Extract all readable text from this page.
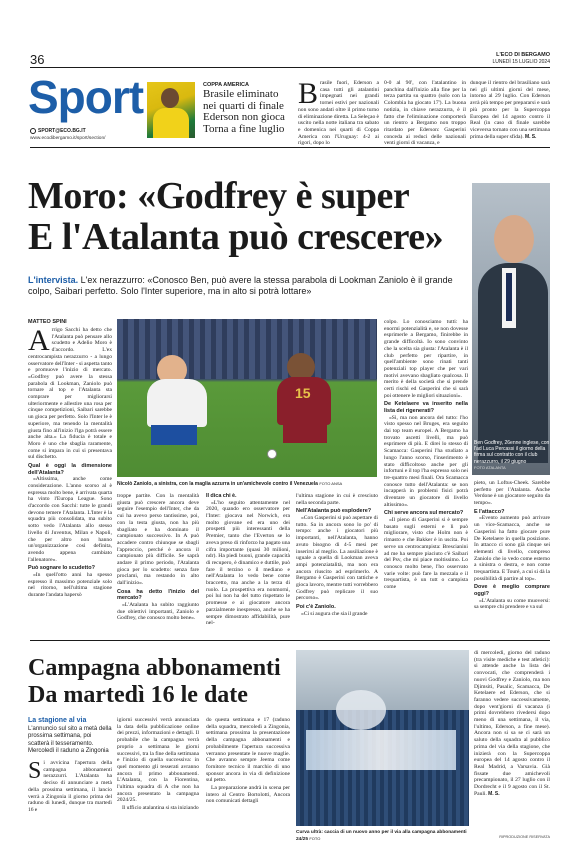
36	L'ECO DI BERGAMO
LUNEDÌ 15 LUGLIO 2024
Sport
SPORT@ECO.BG.IT
www.ecodibergamo.it/sport/section/
COPPA AMERICA
Brasile eliminato nei quarti di finale Ederson non gioca Torna a fine luglio
Brasile fuori, Ederson a casa tutti gli atalantini impegnati nei grandi tornei estivi per nazionali non sono andati oltre il primo turno di eliminazione diretta. La Seleçao è uscito nella notte italiana tra sabato e domenica nei quarti di Coppa America con l'Uruguay: 4-2 ai rigori, dopo lo
0-0 al 90', con l'atalantino in panchina dall'inizio alla fine per la terza partita su quattro (solo con la Colombia ha giocato 17'). La buona notizia, in chiave nerazzurra, è il fatto che l'eliminazione comporterà un rientro a Bergamo non troppo ritardato per Ederson: Gasperini conceda ai reduci delle nazionali venti giorni di vacanza, e
dunque il rientro del brasiliano sarà nei gli ultimi giorni del mese, intorno al 29 luglio. Con Ederson avrà più tempo per prepararsi e sarà più pronto per la Supercoppa Europea del 14 agosto contro il Real (in caso di finale sarebbe viceversa tornato con una settimana prima della super sfida). M. S.
Moro: «Godfrey è super
E l'Atalanta può crescere»
L'intervista. L'ex nerazzurro: «Conosco Ben, può avere la stessa parabola di Lookman Zaniolo è il grande colpo, Saibari perfetto. Solo l'Inter superiore, ma in alto si potrà lottare»
Ben Godfrey, 26enne inglese, con l'ad Luca Percassi il giorno della firma sul contratto con il club nerazzurro, il 29 giugno
FOTO ATALANTA
MATTEO SPINI

Arrigo Sacchi ha detto che l'Atalanta può pensare allo scudetto e Adelio Moro è d'accordo. L'ex centrocampista nerazzurro - a lungo osservatore dell'Inter - si aspetta tanto e promuove l'inizio di mercato. «Godfrey può avere la stessa parabola di Lookman, Zaniolo può tornare al top e l'Atalanta sta comprare per migliorarsi ulteriormente e allestire una rosa per cinque competizioni, Saibari sarebbe un gioca per perfetto. Solo l'Inter le è superiore, ma tenendo la mentalità giusta fino all'inizio l'lga potrà essere anche alta.» La fiducia è totale e Moro è uno che sbaglia raramente, come si impara in cui si presentava sul dischetto.

Qual è oggi la dimensione dell'Atalanta?

«Altissima, anche come considerazione. L'anno scorso al è espressa molto bene, è arrivata quarta ha vinto l'Europa League. Sono d'accordo con Sacchi: tutte le grandi devono temere l'Atalanta. L'Inter è la squadra più consolidata, ma subito sotto vedo l'Atalanta allo stesso livello di Juventus, Milan e Napoli, che per altro non hanno un'organizzazione così definita, avendo appena cambiato l'allenatore».

Può sognare lo scudetto?

«In quell'otto anni ha spesso espresso il massimo potenziale solo nel ritorno, nell'ultima stagione durante l'andata hapersò

15
Nicolò Zaniolo, a sinistra, con la maglia azzurra in un'amichevole contro il Venezuela FOTO ANSA

troppe partite. Con la mentalità giusta può crescere ancora deve seguire l'esempio dell'Inter, che da cui ha avevo perso tantissime, poi, con la testa giusta, non ha più sbagliato e ha dominato il campionato successivo. In A può accadere contro chiunque se sbagli l'approccio, perché è ancora il campionato più difficile. Se saprà andare il primo periodo, l'Atalanta gioca per lo scudetto: senza fare proclami, ma restando in alto dall'inizio».

Cosa ha detto l'inizio del mercato?

«L'Atalanta ha subito raggiunto due obiettivi importanti, Zaniolo e Godfrey, che conosco molto bene».

Il dica chi è.

«L'ho seguito attentamente nel 2020, quando ero osservatore per l'Inter: giocava nel Norwich, era molto giovane ed era uno dei prospetti più interessanti della Premier, tanto che l'Everton se lo aveva preso di rinforzo ha pagato una cifra importante (quasi 30 milioni, ndr). Ha piedi buoni, grande capacità di recupero, è dinamico e duttile, può fare il terzino o il mediano e nell'Atalanta lo vedo bene come braccetto, ma anche a la terza di ruolo. La prospettiva era nonmorni, poi lui non ha del tutto rispettato le promesse e ai giocatore ancora parzialmente inespresso, anche se ha sempre dimostrato affidabilità, pure nel-

l'ultima stagione in cui è cresciuto nella seconda parte.

Nell'Atalanta può esplodere?

«Con Gasperini si può aspettare di tutto. Sa in ancora sono lo po' di tempo: anche i giocatori più importanti, nell'Atalanta, hanno avuto bisogno di 4-5 mesi per inserirsi al meglio. La ausiliazione è uguale a quella di Lookman aveva ampi potenziatalità, ma non era ancora riuscito ad esprimerlo. A Bergamo è Gasperini con tattiche e gioca lavoro, mentre tutti vorrebbero Godfrey può replicare il suo percorso».

Poi c'è Zaniolo.

«Ci si augura che sia il grande

colpo. Lo conosciamo tutti: ha enormi potenzialità e, se non dovesse esprimerle a Bergamo, finirebbe in grande difficoltà. Io sono convinto che la scelta sia giusta: l'Atalanta è il club perfetto per ripartire, in quell'ambiente sono rinati tanti potenziali top player che per vari motivi avevano sbagliato qualcosa. Il merito è della società che si prende certi rischi ed Gasperini che si sarà poi ottenere le migliori situazioni».

De Ketelaere va inserito nella lista dei rigenerati?

«Sì, ma non ancora del tutto: l'ho visto spesso nel Bruges, era seguito dai top team europei. A Bergamo ha trovato ascetti livelli, ma può esprimere di più. E direi lo stesso di Scamacca: Gasperini l'ha studiato a lungo l'anno scorso, l'inserimento è stato difficoltoso anche per gli infortuni e il top l'ha espresso solo nei tre-quattro mesi finali. Ora Scamacca conosce tutto dell'Atalanta: se non incapperà in problemi fisici potrà diventare un giocatore di livello altissimo».

Chi serve ancora sul mercato?

«Il pieno di Gasperini si è sempre basato sugli esterni e li può migliorare, visto che Holm non è rimasto e che Bakker è in uscita. Poi serve un centrocampista: Brescianini ad me ha sempre piaciuto c'è Saibari del Psv, che mi piace moltissimo. Lo conosco molto bene, l'ho osservato varie volte: può fare la mezzala e il trequartista, è un tutt o campista come

pieto, un Loftus-Cheek. Sarebbe perfetto per l'Atalanta. Anche Verdone è un giocatore seguito da tempo».

E l'attacco?

«Evento aumento può arrivare un vice-Scamacca, anche se Gasperini ha fatto giocare pure De Ketelaere in quella posizione. In attacco ci sono già cinque sei elementi di livello, compreso Zaniolo che io vedo come esterno a sinistra o destra, e non come trequartista. E Touré, a cui si dà la possibilità di partire al top».

Dove è meglio comprare oggi?

«L'Atalanta su come muoversi: sa sempre chi prendere e va sul

Campagna abbonamenti
Da martedì 16 le date
La stagione al via
L'annuncio sul sito a metà della prossima settimana, poi scatterà il tesseramento. Mercoledì il raduno a Zingonia
Si avvicina l'apertura della campagna abbonamenti nerazzurri. L'Atalanta ha deciso di annunciare a metà della prossima settimana, il lancio verrà a Zingonia il giorno prima del raduno di lunedì, dunque tra martedì 16 e

igiorni successivi verrà annunciata la data della pubblicazione online dei prezzi, informazioni e dettagli. Il probabile che la campagna verrà proprio a settimana le giorni successivi, tra la fine della settimana e l'inizio di quella successiva: in quel momento gli tesserati avranno ancora il primo abbonamenti. L'Atalanta, con la Fiorentina, l'ultima squadra di A che non ha ancora presentato la campagna 2024/25.

Il ufficio atalantina si sta iniziando

do questa settimana e 17 (raduno della squadra, mercoledì a Zingonia, settimana prossima la presentazione della campagna abbonamenti e probabilmente l'apertura successiva verranno presentate le nuove maglie. Che avranno sempre Jeema come fornitore tecnico il marchio di uno sponsor ancora in via di definizione sul petto.

La preparazione andrà in scena per intero al Centro Bortolotti, Ancora non comunicati dettagli

Curva ultrà: caccia di un nuovo anno per il via alla campagna abbonamenti 24/25 FOTO
di mercoledì, giorno del raduno (tra visite mediche e test atletici): si attende anche la lista dei convocati, che comprenderà i nuovi Godfrey e Zaniolo, ma non Djimsiti, Pasalic, Scamacca, De Ketelaere ed Ederson, che si faranno vedere successivamente, dopo vent'giorni di vacanza (i primi dovrebbero rivedersi dopo meno di una settimana, il via, l'ultimo, Ederson, a fine mese). Ancora non si sa se ci sarà un saluto della squadra al pubblico prima del via della stagione, che inizierà con la Supercoppa europea del 14 agosto contro il Real Madrid, a Varsavia. Già fissate due amichevoli precampionato, il 27 luglio con il Dordrecht e il 9 agosto con il St. Pauli. M. S.
RIPRODUZIONE RISERVATA
